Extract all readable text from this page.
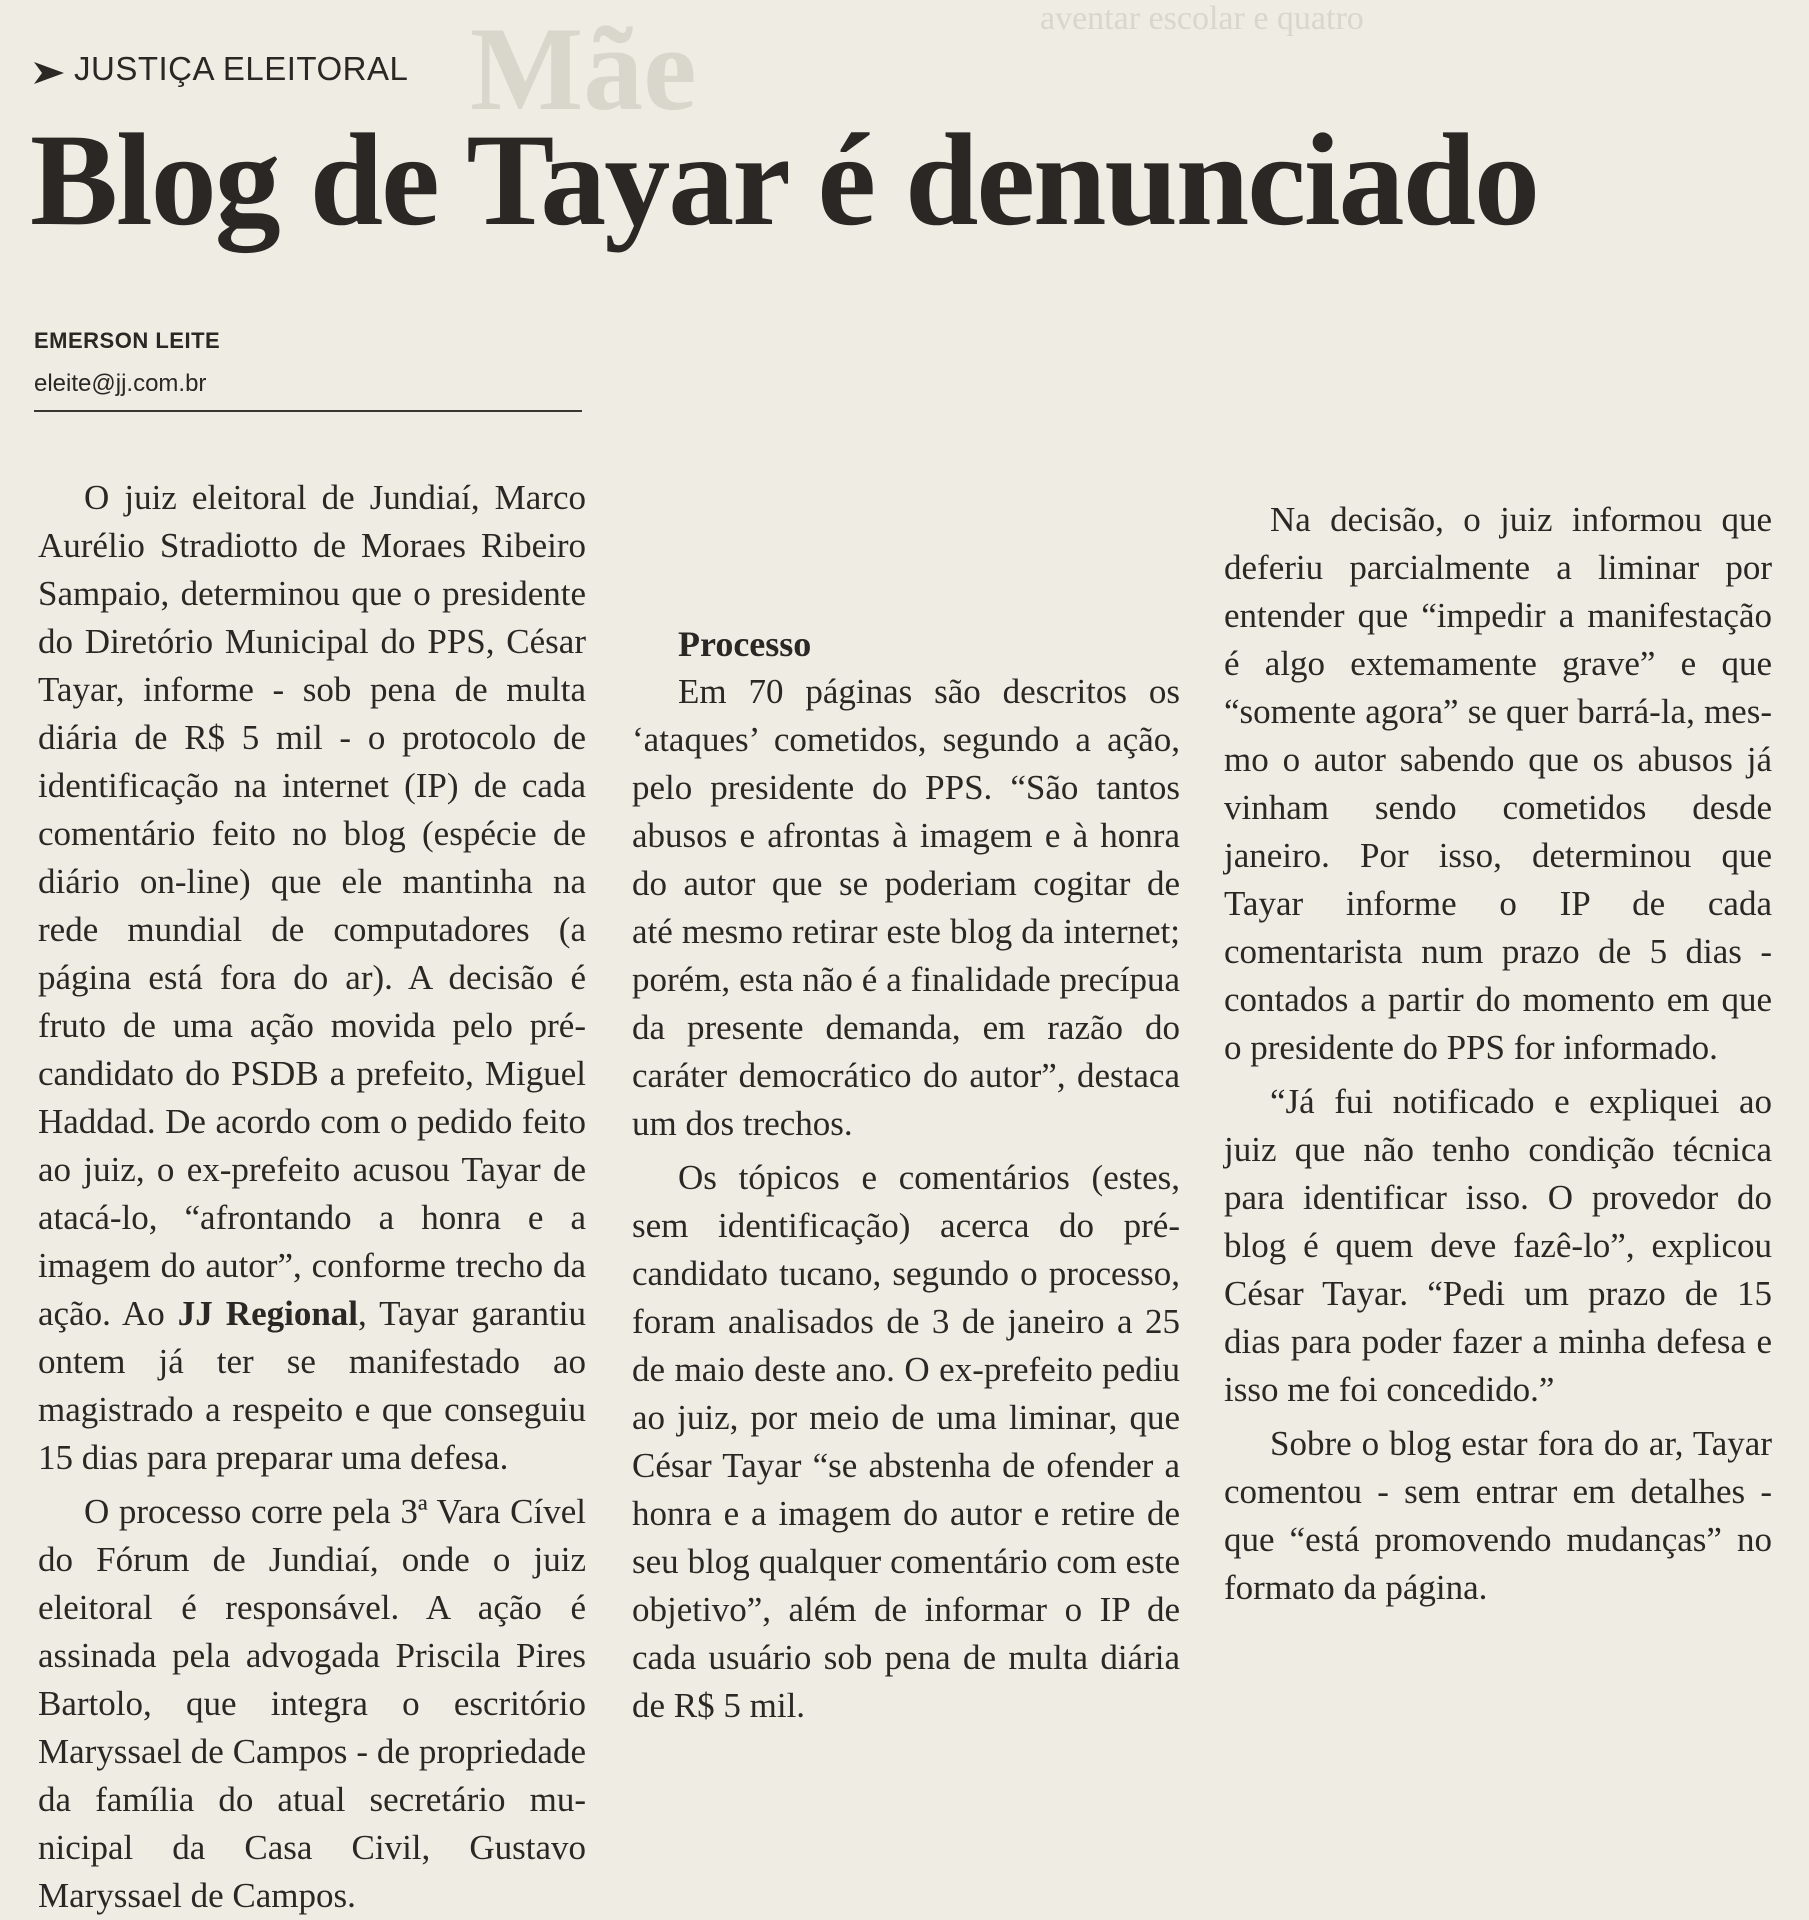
aventar escolar e quatro
Mãe
JUSTIÇA ELEITORAL
Blog de Tayar é denunciado
EMERSON LEITE
eleite@jj.com.br

O juiz eleitoral de Jundiaí, Marco Aurélio Stradiotto de Moraes Ribeiro Sampaio, determinou que o presidente do Diretório Municipal do PPS, César Tayar, informe - sob pena de multa diária de R$ 5 mil - o protocolo de identificação na internet (IP) de cada comentário feito no blog (espécie de diário on-line) que ele mantinha na rede mundial de computadores (a página está fora do ar). A decisão é fruto de uma ação movida pelo pré-candidato do PSDB a prefeito, Miguel Haddad. De acordo com o pedido feito ao juiz, o ex-prefeito acusou Tayar de atacá-lo, “afrontando a honra e a imagem do autor”, conforme trecho da ação. Ao JJ Regional, Tayar garantiu ontem já ter se manifestado ao magistrado a respeito e que conseguiu 15 dias para preparar uma defesa.

O processo corre pela 3ª Vara Cível do Fórum de Jundiaí, onde o juiz eleitoral é responsável. A ação é assinada pela advogada Priscila Pires Bartolo, que integra o escritório Maryssael de Campos - de propriedade da família do atual secretário municipal da Casa Civil, Gustavo Maryssael de Campos.

Processo

Em 70 páginas são descritos os ‘ataques’ cometidos, segundo a ação, pelo presidente do PPS. “São tantos abusos e afrontas à imagem e à honra do autor que se poderiam cogitar de até mesmo retirar este blog da internet; porém, esta não é a finalidade precípua da presente demanda, em razão do caráter democrático do autor”, destaca um dos trechos.

Os tópicos e comentários (estes, sem identificação) acerca do pré-candidato tucano, segundo o processo, foram analisados de 3 de janeiro a 25 de maio deste ano. O ex-prefeito pediu ao juiz, por meio de uma liminar, que César Tayar “se abstenha de ofender a honra e a imagem do autor e retire de seu blog qualquer comentário com este objetivo”, além de informar o IP de cada usuário sob pena de multa diária de R$ 5 mil.

Na decisão, o juiz informou que deferiu parcialmente a liminar por entender que “impedir a manifestação é algo extemamente grave” e que “somente agora” se quer barrá-la, mesmo o autor sabendo que os abusos já vinham sendo cometidos desde janeiro. Por isso, determinou que Tayar informe o IP de cada comentarista num prazo de 5 dias - contados a partir do momento em que o presidente do PPS for informado.

“Já fui notificado e expliquei ao juiz que não tenho condição técnica para identificar isso. O provedor do blog é quem deve fazê-lo”, explicou César Tayar. “Pedi um prazo de 15 dias para poder fazer a minha defesa e isso me foi concedido.”

Sobre o blog estar fora do ar, Tayar comentou - sem entrar em detalhes - que “está promovendo mudanças” no formato da página.
